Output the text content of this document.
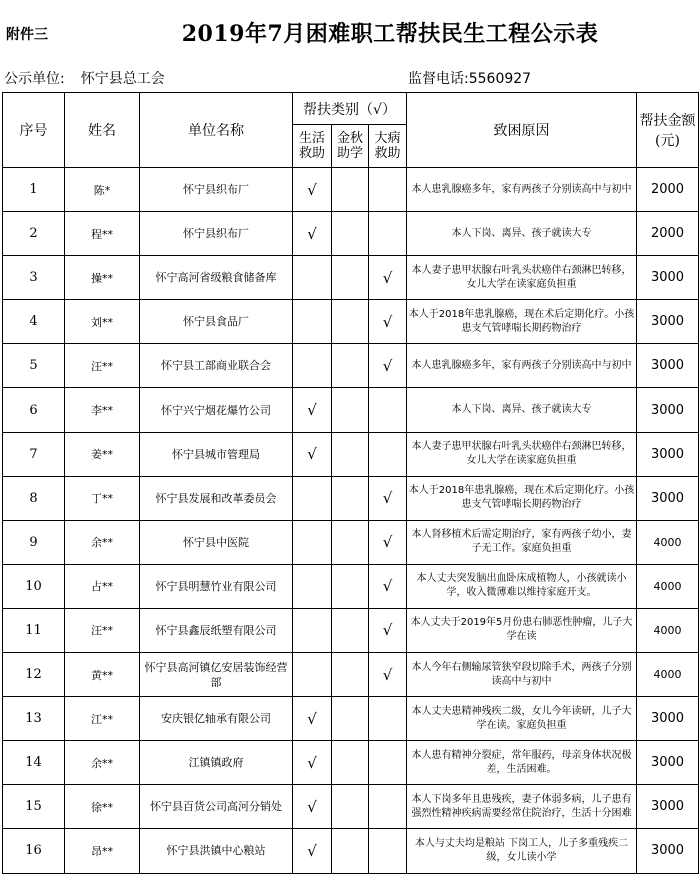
附件三	2019年7月困难职工帮扶民生工程公示表
公示单位: 怀宁县总工会	监督电话:5560927
序号	姓名	单位名称	帮扶类别（√）			致困原因	帮扶金额(元)
			生活救助	金秋助学	大病救助		
1	陈*	怀宁县织布厂	√			本人患乳腺癌多年，家有两孩子分别读高中与初中	2000
2	程**	怀宁县织布厂	√			本人下岗、离异、孩子就读大专	2000
3	操**	怀宁高河省级粮食储备库			√	本人妻子患甲状腺右叶乳头状癌伴右颈淋巴转移，女儿大学在读家庭负担重	3000
4	刘**	怀宁县食品厂			√	本人于2018年患乳腺癌，现在术后定期化疗。小孩患支气管哮喘长期药物治疗	3000
5	汪**	怀宁县工部商业联合会			√	本人患乳腺癌多年，家有两孩子分别读高中与初中	3000
6	李**	怀宁兴宁烟花爆竹公司	√			本人下岗、离异、孩子就读大专	3000
7	姜**	怀宁县城市管理局	√			本人妻子患甲状腺右叶乳头状癌伴右颈淋巴转移，女儿大学在读家庭负担重	3000
8	丁**	怀宁县发展和改革委员会			√	本人于2018年患乳腺癌，现在术后定期化疗。小孩患支气管哮喘长期药物治疗	3000
9	余**	怀宁县中医院			√	本人肾移植术后需定期治疗，家有两孩子幼小，妻子无工作。家庭负担重	4000
10	占**	怀宁县明慧竹业有限公司			√	本人丈夫突发脑出血卧床成植物人，小孩就读小学，收入微薄难以维持家庭开支。	4000
11	汪**	怀宁县鑫辰纸塑有限公司			√	本人丈夫于2019年5月份患右肺恶性肿瘤，儿子大学在读	4000
12	黄**	怀宁县高河镇亿安居装饰经营部			√	本人今年右侧输尿管狭窄段切除手术，两孩子分别读高中与初中	4000
13	江**	安庆银亿轴承有限公司	√			本人丈夫患精神残疾二级，女儿今年读研，儿子大学在读。家庭负担重	3000
14	余**	江镇镇政府	√			本人患有精神分裂症，常年服药，母亲身体状况极差，生活困难。	3000
15	徐**	怀宁县百货公司高河分销处	√			本人下岗多年且患残疾，妻子体弱多病，儿子患有强烈性精神疾病需要经常住院治疗，生活十分困难	3000
16	昂**	怀宁县洪镇中心粮站	√			本人与丈夫均是粮站 下岗工人，儿子多重残疾二级，女儿读小学	3000
